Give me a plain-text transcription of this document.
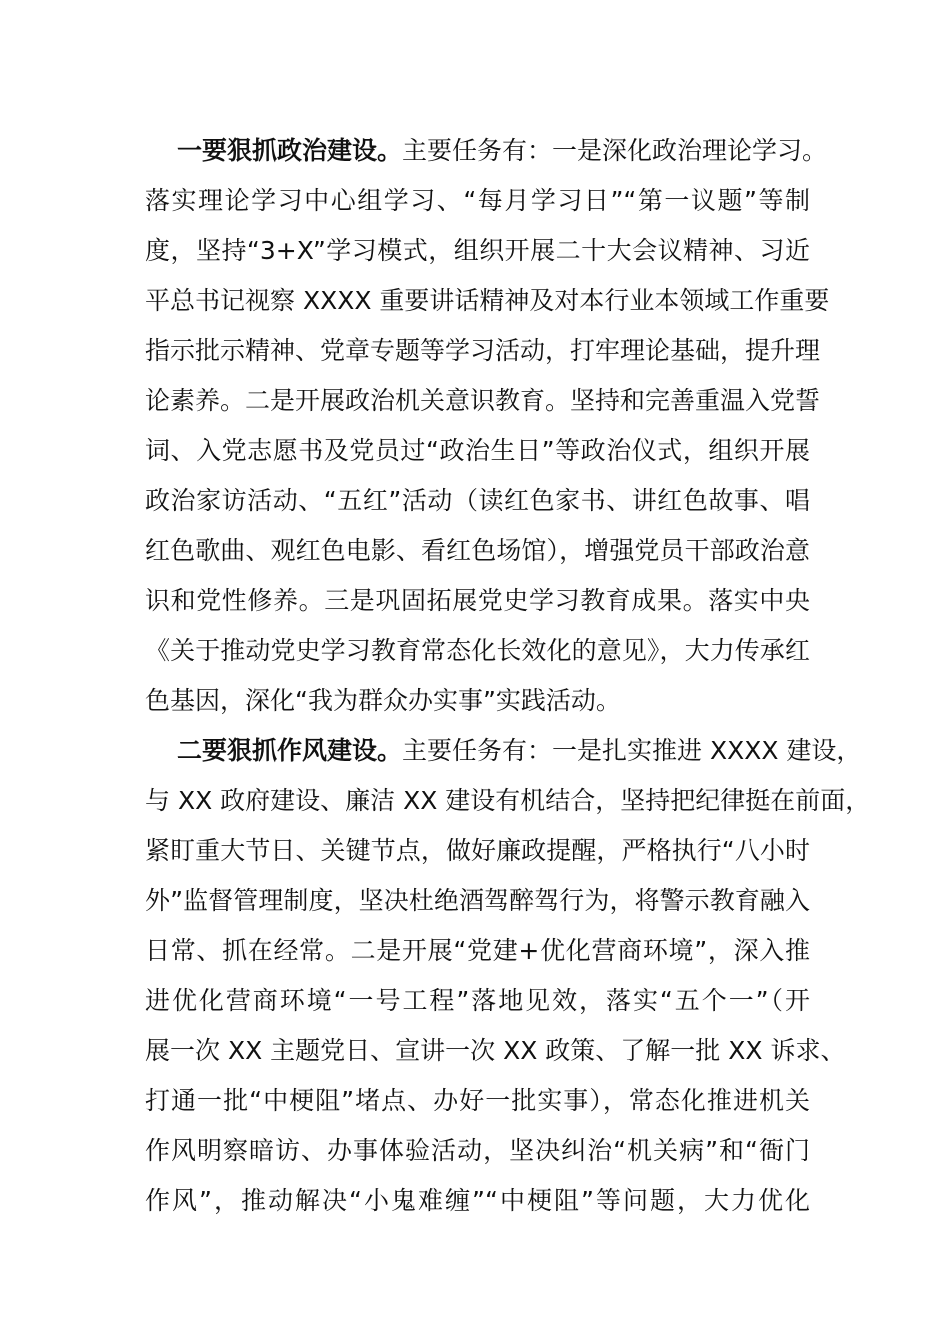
一要狠抓政治建设。主要任务有：一是深化政治理论学习。
落实理论学习中心组学习、“每月学习日”“第一议题”等制
度，坚持“3+X”学习模式，组织开展二十大会议精神、习近
平总书记视察 XXXX 重要讲话精神及对本行业本领域工作重要
指示批示精神、党章专题等学习活动，打牢理论基础，提升理
论素养。二是开展政治机关意识教育。坚持和完善重温入党誓
词、入党志愿书及党员过“政治生日”等政治仪式，组织开展
政治家访活动、“五红”活动（读红色家书、讲红色故事、唱
红色歌曲、观红色电影、看红色场馆），增强党员干部政治意
识和党性修养。三是巩固拓展党史学习教育成果。落实中央
《关于推动党史学习教育常态化长效化的意见》，大力传承红
色基因，深化“我为群众办实事”实践活动。
二要狠抓作风建设。主要任务有：一是扎实推进 XXXX 建设，
与 XX 政府建设、廉洁 XX 建设有机结合，坚持把纪律挺在前面，
紧盯重大节日、关键节点，做好廉政提醒，严格执行“八小时
外”监督管理制度，坚决杜绝酒驾醉驾行为，将警示教育融入
日常、抓在经常。二是开展“党建+优化营商环境”，深入推
进优化营商环境“一号工程”落地见效，落实“五个一”（开
展一次 XX 主题党日、宣讲一次 XX 政策、了解一批 XX 诉求、
打通一批“中梗阻”堵点、办好一批实事），常态化推进机关
作风明察暗访、办事体验活动，坚决纠治“机关病”和“衙门
作风”，推动解决“小鬼难缠”“中梗阻”等问题，大力优化
